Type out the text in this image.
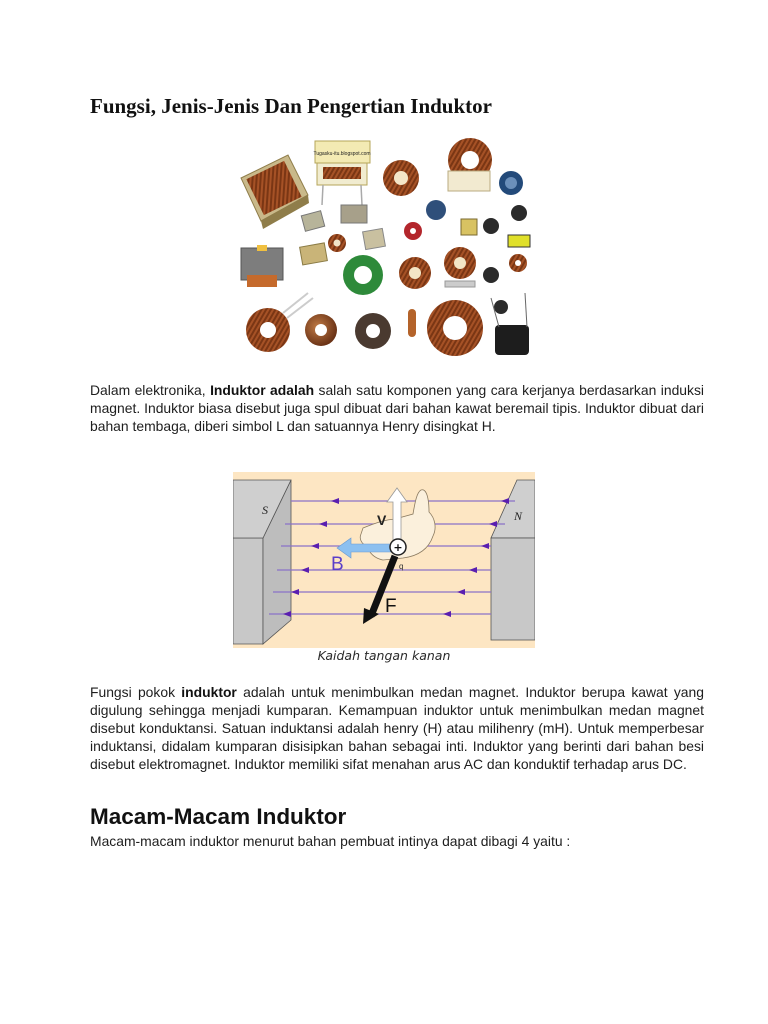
Fungsi, Jenis-Jenis Dan Pengertian Induktor
Tugasku-itu.blogspot.com

Dalam elektronika, Induktor adalah salah satu komponen yang cara kerjanya berdasarkan induksi magnet. Induktor biasa disebut juga spul dibuat dari bahan kawat beremail tipis. Induktor dibuat dari bahan tembaga, diberi simbol L dan satuannya Henry disingkat H.

S	N
V
B
F
+
q
Kaidah tangan kanan

Fungsi pokok induktor adalah untuk menimbulkan medan magnet. Induktor berupa kawat yang digulung sehingga menjadi kumparan. Kemampuan induktor untuk menimbulkan medan magnet disebut konduktansi. Satuan induktansi adalah henry (H) atau milihenry (mH). Untuk memperbesar induktansi, didalam kumparan disisipkan bahan sebagai inti. Induktor yang berinti dari bahan besi disebut elektromagnet. Induktor memiliki sifat menahan arus AC dan konduktif terhadap arus DC.

Macam-Macam Induktor

Macam-macam induktor menurut bahan pembuat intinya dapat dibagi 4 yaitu :
